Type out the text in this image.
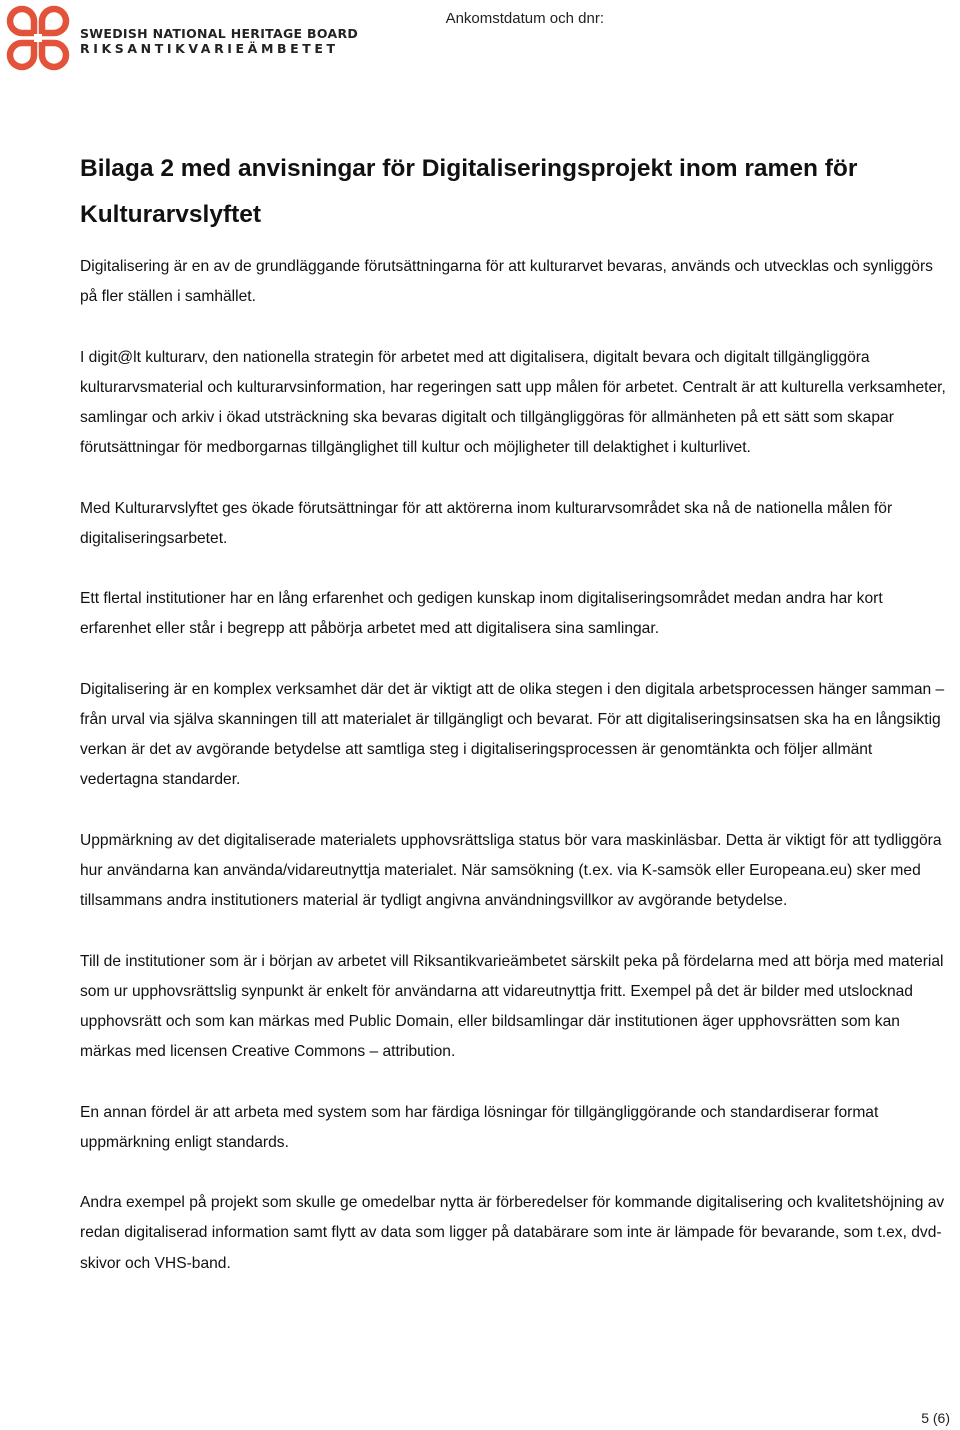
SWEDISH NATIONAL HERITAGE BOARD
RIKSANTIKVARIEÄMBETET
Ankomstdatum och dnr:
Bilaga 2 med anvisningar för Digitaliseringsprojekt inom ramen för Kulturarvslyftet

Digitalisering är en av de grundläggande förutsättningarna för att kulturarvet bevaras, används och utvecklas och synliggörs på fler ställen i samhället.

I digit@lt kulturarv, den nationella strategin för arbetet med att digitalisera, digitalt bevara och digitalt tillgängliggöra kulturarvsmaterial och kulturarvsinformation, har regeringen satt upp målen för arbetet. Centralt är att kulturella verksamheter, samlingar och arkiv i ökad utsträckning ska bevaras digitalt och tillgängliggöras för allmänheten på ett sätt som skapar förutsättningar för medborgarnas tillgänglighet till kultur och möjligheter till delaktighet i kulturlivet.

Med Kulturarvslyftet ges ökade förutsättningar för att aktörerna inom kulturarvsområdet ska nå de nationella målen för digitaliseringsarbetet.

Ett flertal institutioner har en lång erfarenhet och gedigen kunskap inom digitaliseringsområdet medan andra har kort erfarenhet eller står i begrepp att påbörja arbetet med att digitalisera sina samlingar.

Digitalisering är en komplex verksamhet där det är viktigt att de olika stegen i den digitala arbetsprocessen hänger samman – från urval via själva skanningen till att materialet är tillgängligt och bevarat. För att digitaliseringsinsatsen ska ha en långsiktig verkan är det av avgörande betydelse att samtliga steg i digitaliseringsprocessen är genomtänkta och följer allmänt vedertagna standarder.

Uppmärkning av det digitaliserade materialets upphovsrättsliga status bör vara maskinläsbar. Detta är viktigt för att tydliggöra hur användarna kan använda/vidareutnyttja materialet. När samsökning (t.ex. via K-samsök eller Europeana.eu) sker med tillsammans andra institutioners material är tydligt angivna användningsvillkor av avgörande betydelse.

Till de institutioner som är i början av arbetet vill Riksantikvarieämbetet särskilt peka på fördelarna med att börja med material som ur upphovsrättslig synpunkt är enkelt för användarna att vidareutnyttja fritt. Exempel på det är bilder med utslocknad upphovsrätt och som kan märkas med Public Domain, eller bildsamlingar där institutionen äger upphovsrätten som kan märkas med licensen Creative Commons – attribution.

En annan fördel är att arbeta med system som har färdiga lösningar för tillgängliggörande och standardiserar format uppmärkning enligt standards.

Andra exempel på projekt som skulle ge omedelbar nytta är förberedelser för kommande digitalisering och kvalitetshöjning av redan digitaliserad information samt flytt av data som ligger på databärare som inte är lämpade för bevarande, som t.ex, dvd-skivor och VHS-band.

5 (6)
